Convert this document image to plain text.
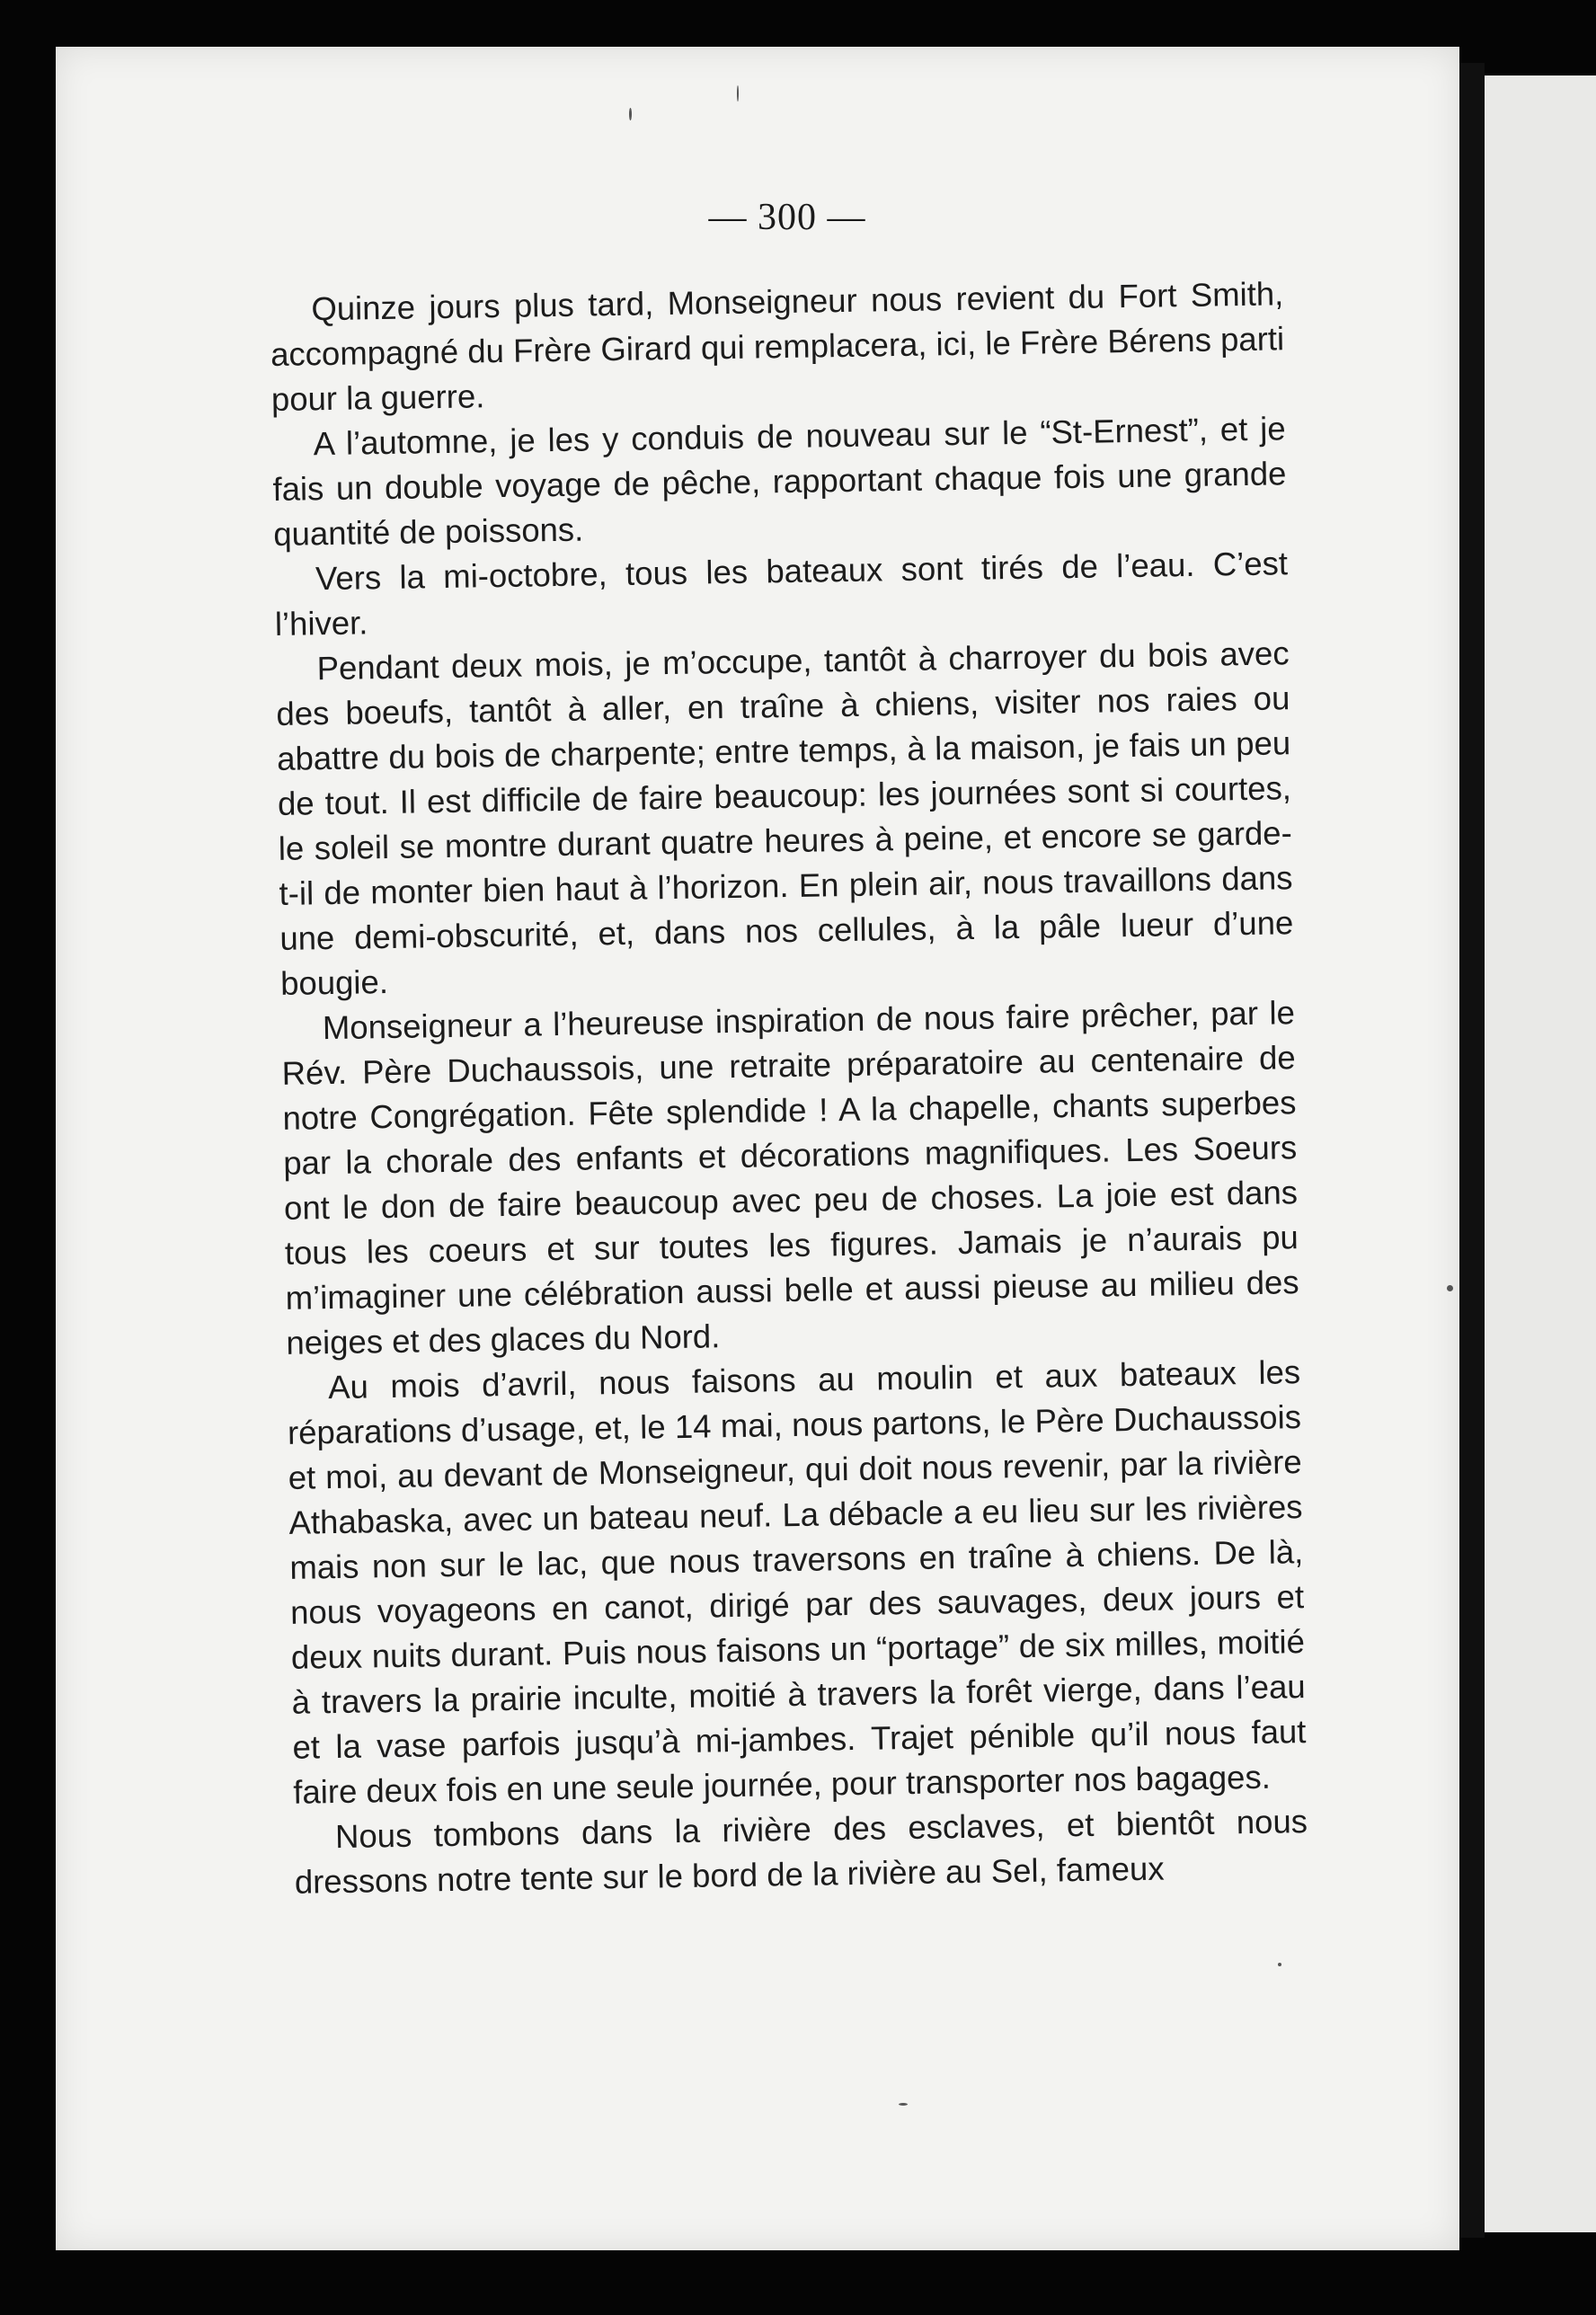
— 300 —

Quinze jours plus tard, Monseigneur nous revient du Fort Smith, accompagné du Frère Girard qui remplacera, ici, le Frère Bérens parti pour la guerre.

A l’automne, je les y conduis de nouveau sur le “St-Ernest”, et je fais un double voyage de pêche, rapportant chaque fois une grande quantité de poissons.

Vers la mi-octobre, tous les bateaux sont tirés de l’eau. C’est l’hiver.

Pendant deux mois, je m’occupe, tantôt à charroyer du bois avec des boeufs, tantôt à aller, en traîne à chiens, visiter nos raies ou abattre du bois de charpente; entre temps, à la maison, je fais un peu de tout. Il est difficile de faire beaucoup: les journées sont si courtes, le soleil se montre durant quatre heures à peine, et encore se garde-t-il de monter bien haut à l’horizon. En plein air, nous travaillons dans une demi-obscurité, et, dans nos cellules, à la pâle lueur d’une bougie.

Monseigneur a l’heureuse inspiration de nous faire prêcher, par le Rév. Père Duchaussois, une retraite préparatoire au centenaire de notre Congrégation. Fête splendide ! A la chapelle, chants superbes par la chorale des enfants et décorations magnifiques. Les Soeurs ont le don de faire beaucoup avec peu de choses. La joie est dans tous les coeurs et sur toutes les figures. Jamais je n’aurais pu m’imaginer une célébration aussi belle et aussi pieuse au milieu des neiges et des glaces du Nord.

Au mois d’avril, nous faisons au moulin et aux bateaux les réparations d’usage, et, le 14 mai, nous partons, le Père Duchaussois et moi, au devant de Monseigneur, qui doit nous revenir, par la rivière Athabaska, avec un bateau neuf. La débacle a eu lieu sur les rivières mais non sur le lac, que nous traversons en traîne à chiens. De là, nous voyageons en canot, dirigé par des sauvages, deux jours et deux nuits durant. Puis nous faisons un “portage” de six milles, moitié à travers la prairie inculte, moitié à travers la forêt vierge, dans l’eau et la vase parfois jusqu’à mi-jambes. Trajet pénible qu’il nous faut faire deux fois en une seule journée, pour transporter nos bagages.

Nous tombons dans la rivière des esclaves, et bientôt nous dressons notre tente sur le bord de la rivière au Sel, fameux
